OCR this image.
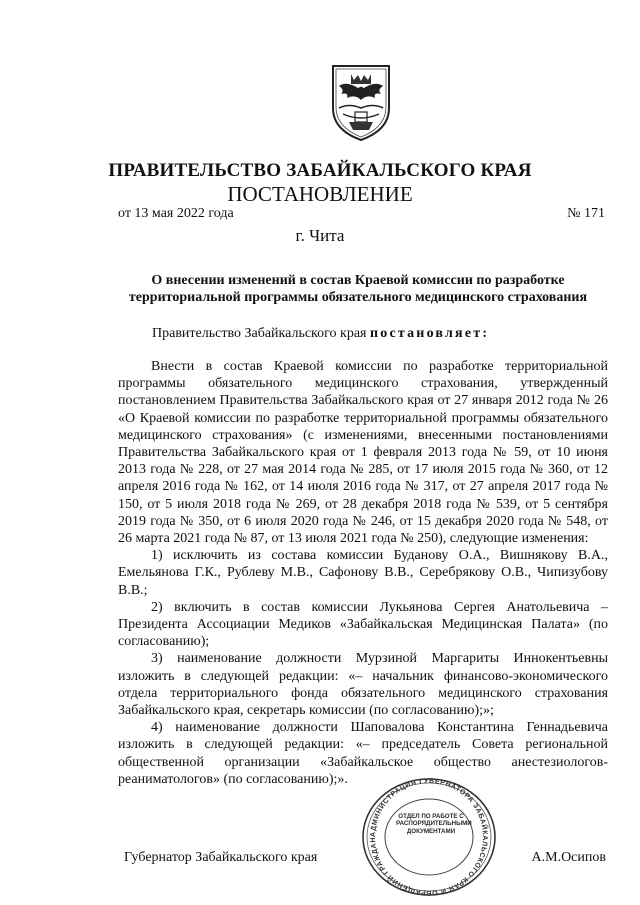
ПРАВИТЕЛЬСТВО ЗАБАЙКАЛЬСКОГО КРАЯ
ПОСТАНОВЛЕНИЕ
от 13 мая 2022 года	№ 171
г. Чита
О внесении изменений в состав Краевой комиссии по разработке
территориальной программы обязательного медицинского страхования
Правительство Забайкальского края постановляет:

Внести в состав Краевой комиссии по разработке территориальной программы обязательного медицинского страхования, утвержденный постановлением Правительства Забайкальского края от 27 января 2012 года № 26 «О Краевой комиссии по разработке территориальной программы обязательного медицинского страхования» (с изменениями, внесенными постановлениями Правительства Забайкальского края от 1 февраля 2013 года № 59, от 10 июня 2013 года № 228, от 27 мая 2014 года № 285, от 17 июля 2015 года № 360, от 12 апреля 2016 года № 162, от 14 июля 2016 года № 317, от 27 апреля 2017 года № 150, от 5 июля 2018 года № 269, от 28 декабря 2018 года № 539, от 5 сентября 2019 года № 350, от 6 июля 2020 года № 246, от 15 декабря 2020 года № 548, от 26 марта 2021 года № 87, от 13 июля 2021 года № 250), следующие изменения:

1) исключить из состава комиссии Буданову О.А., Вишнякову В.А., Емельянова Г.К., Рублеву М.В., Сафонову В.В., Серебрякову О.В., Чипизубову В.В.;

2) включить в состав комиссии Лукьянова Сергея Анатольевича – Президента Ассоциации Медиков «Забайкальская Медицинская Палата» (по согласованию);

3) наименование должности Мурзиной Маргариты Иннокентьевны изложить в следующей редакции: «– начальник финансово-экономического отдела территориального фонда обязательного медицинского страхования Забайкальского края, секретарь комиссии (по согласованию);»;

4) наименование должности Шаповалова Константина Геннадьевича изложить в следующей редакции: «– председатель Совета региональной общественной организации «Забайкальское общество анестезиологов-реаниматологов» (по согласованию);».

Губернатор Забайкальского края	А.М.Осипов
АДМИНИСТРАЦИЯ ГУБЕРНАТОРА ЗАБАЙКАЛЬСКОГО КРАЯ И ОБРАЩЕНИЙ ГРАЖДАН
ОТДЕЛ ПО РАБОТЕ С РАСПОРЯДИТЕЛЬНЫМИ ДОКУМЕНТАМИ
